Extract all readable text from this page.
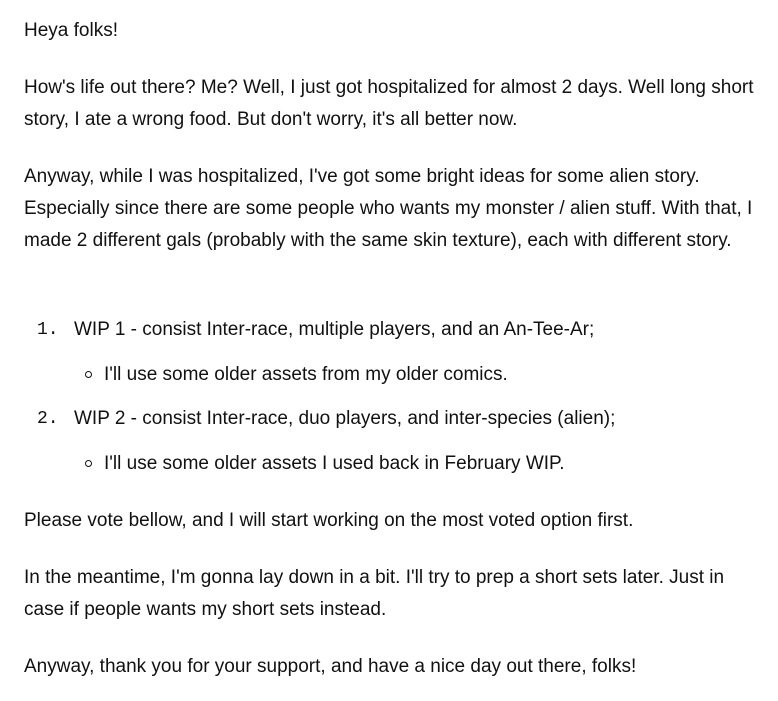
Heya folks!

How's life out there? Me? Well, I just got hospitalized for almost 2 days. Well long short story, I ate a wrong food. But don't worry, it's all better now.

Anyway, while I was hospitalized, I've got some bright ideas for some alien story. Especially since there are some people who wants my monster / alien stuff. With that, I made 2 different gals (probably with the same skin texture), each with different story.

1. WIP 1 - consist Inter-race, multiple players, and an An-Tee-Ar;
I'll use some older assets from my older comics.
2. WIP 2 - consist Inter-race, duo players, and inter-species (alien);
I'll use some older assets I used back in February WIP.

Please vote bellow, and I will start working on the most voted option first.

In the meantime, I'm gonna lay down in a bit. I'll try to prep a short sets later. Just in case if people wants my short sets instead.

Anyway, thank you for your support, and have a nice day out there, folks!
